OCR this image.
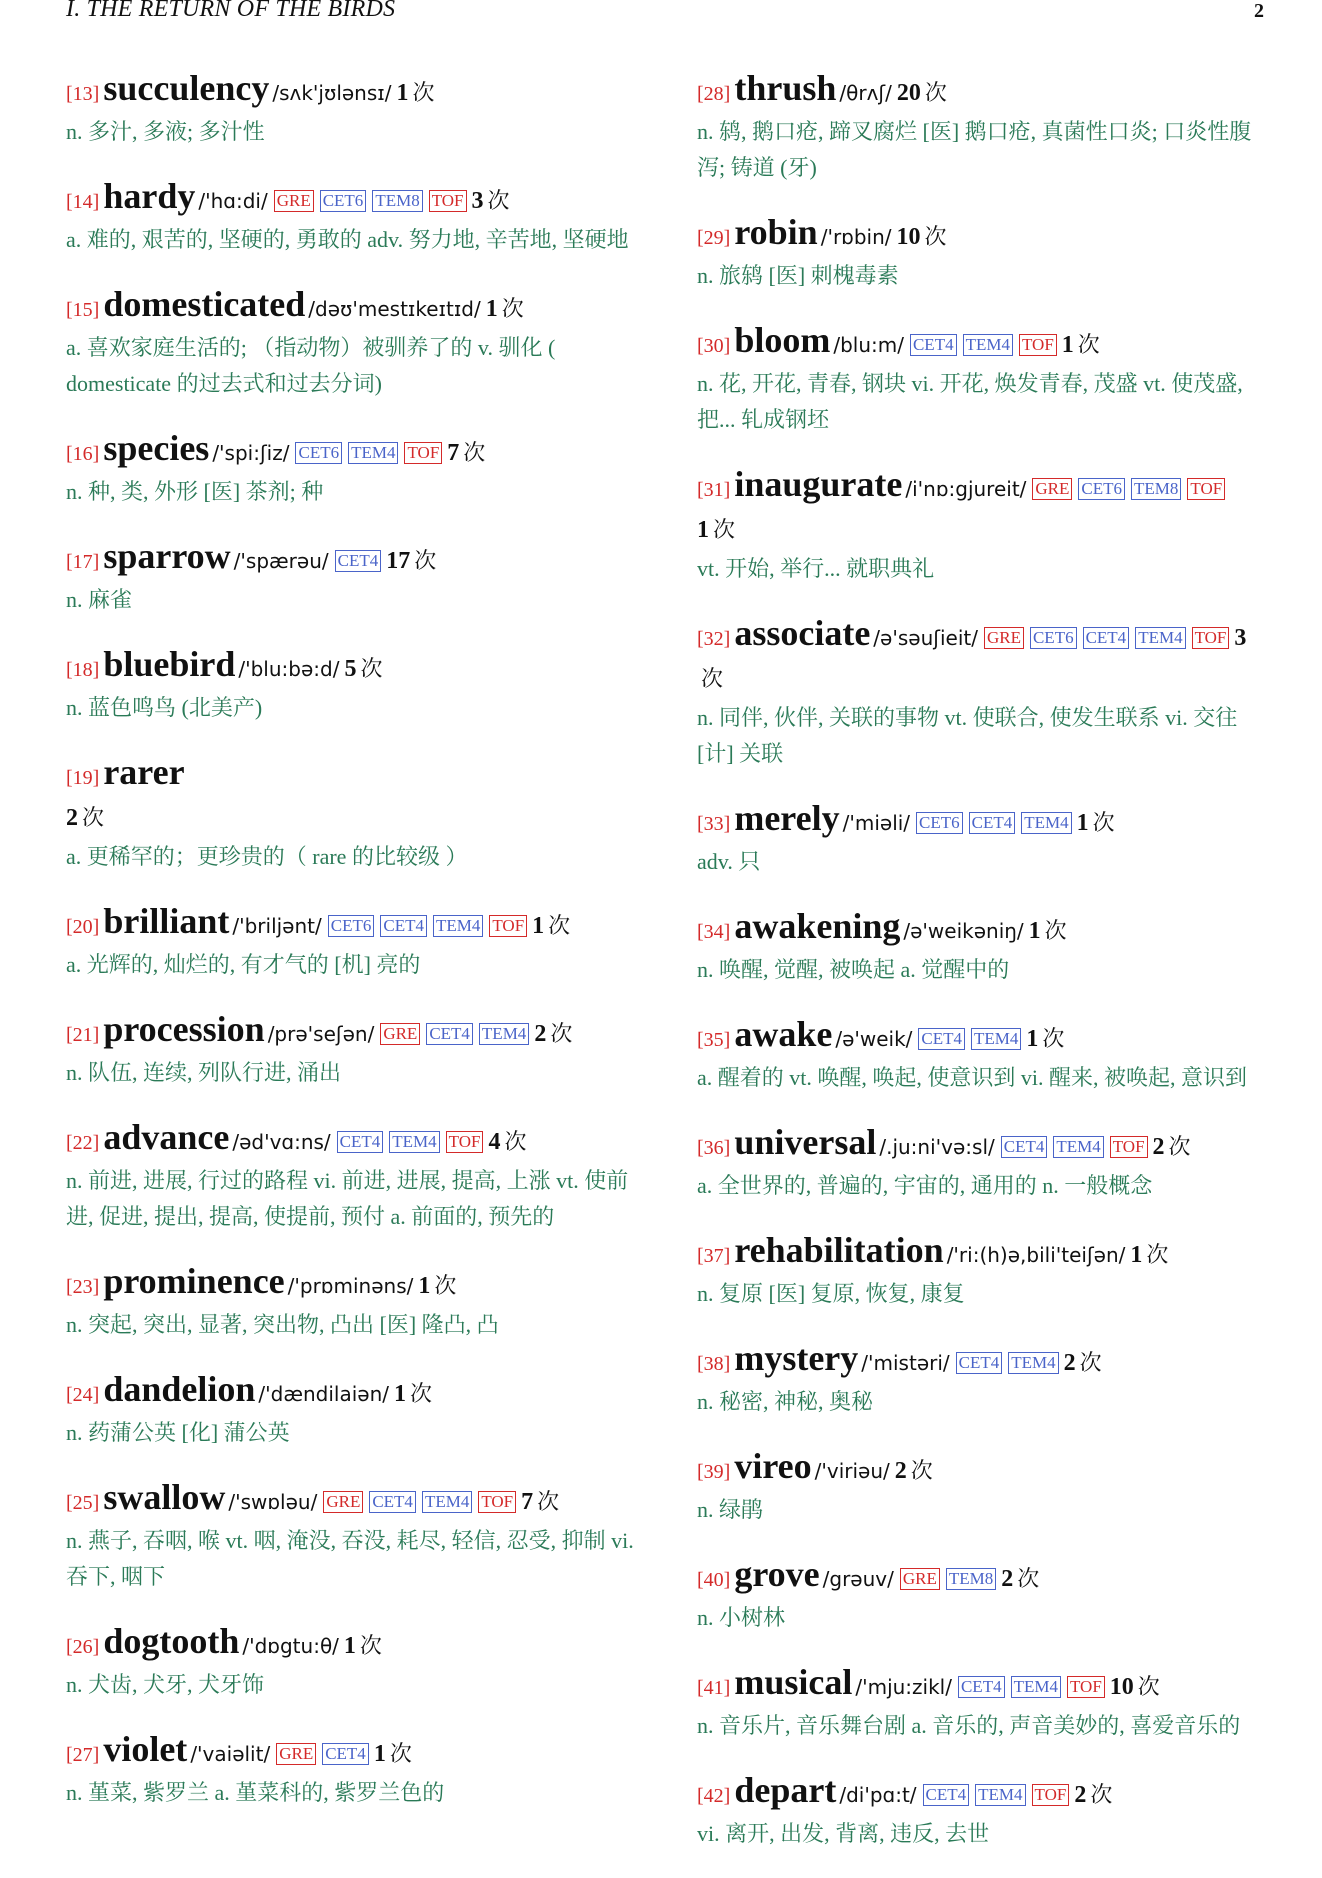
I. THE RETURN OF THE BIRDS	2
[13] succulency /sʌk'jʊlənsɪ/ 1 次
n. 多汁, 多液; 多汁性
[14] hardy /'hɑ:di/ GRE CET6 TEM8 TOF 3 次
a. 难的, 艰苦的, 坚硬的, 勇敢的 adv. 努力地, 辛苦地, 坚硬地
[15] domesticated /dəʊ'mestɪkeɪtɪd/ 1 次
a. 喜欢家庭生活的; （指动物）被驯养了的 v. 驯化 ( domesticate 的过去式和过去分词)
[16] species /'spi:ʃiz/ CET6 TEM4 TOF 7 次
n. 种, 类, 外形 [医] 茶剂; 种
[17] sparrow /'spærəu/ CET4 17 次
n. 麻雀
[18] bluebird /'blu:bə:d/ 5 次
n. 蓝色鸣鸟 (北美产)
[19] rarer
2 次
a. 更稀罕的；更珍贵的（ rare 的比较级 ）
[20] brilliant /'briljənt/ CET6 CET4 TEM4 TOF 1 次
a. 光辉的, 灿烂的, 有才气的 [机] 亮的
[21] procession /prə'seʃən/ GRE CET4 TEM4 2 次
n. 队伍, 连续, 列队行进, 涌出
[22] advance /əd'vɑ:ns/ CET4 TEM4 TOF 4 次
n. 前进, 进展, 行过的路程 vi. 前进, 进展, 提高, 上涨 vt. 使前进, 促进, 提出, 提高, 使提前, 预付 a. 前面的, 预先的
[23] prominence /'prɒminəns/ 1 次
n. 突起, 突出, 显著, 突出物, 凸出 [医] 隆凸, 凸
[24] dandelion /'dændilaiən/ 1 次
n. 药蒲公英 [化] 蒲公英
[25] swallow /'swɒləu/ GRE CET4 TEM4 TOF 7 次
n. 燕子, 吞咽, 喉 vt. 咽, 淹没, 吞没, 耗尽, 轻信, 忍受, 抑制 vi. 吞下, 咽下
[26] dogtooth /'dɒgtu:θ/ 1 次
n. 犬齿, 犬牙, 犬牙饰
[27] violet /'vaiəlit/ GRE CET4 1 次
n. 堇菜, 紫罗兰 a. 堇菜科的, 紫罗兰色的
[28] thrush /θrʌʃ/ 20 次
n. 鸫, 鹅口疮, 蹄叉腐烂 [医] 鹅口疮, 真菌性口炎; 口炎性腹泻; 铸道 (牙)
[29] robin /'rɒbin/ 10 次
n. 旅鸫 [医] 刺槐毒素
[30] bloom /blu:m/ CET4 TEM4 TOF 1 次
n. 花, 开花, 青春, 钢块 vi. 开花, 焕发青春, 茂盛 vt. 使茂盛, 把... 轧成钢坯
[31] inaugurate /i'nɒ:gjureit/ GRE CET6 TEM8 TOF
1 次
vt. 开始, 举行... 就职典礼
[32] associate /ə'səuʃieit/ GRE CET6 CET4 TEM4 TOF 3次
n. 同伴, 伙伴, 关联的事物 vt. 使联合, 使发生联系 vi. 交往 [计] 关联
[33] merely /'miəli/ CET6 CET4 TEM4 1 次
adv. 只
[34] awakening /ə'weikəniŋ/ 1 次
n. 唤醒, 觉醒, 被唤起 a. 觉醒中的
[35] awake /ə'weik/ CET4 TEM4 1 次
a. 醒着的 vt. 唤醒, 唤起, 使意识到 vi. 醒来, 被唤起, 意识到
[36] universal /.ju:ni'və:sl/ CET4 TEM4 TOF 2 次
a. 全世界的, 普遍的, 宇宙的, 通用的 n. 一般概念
[37] rehabilitation /'ri:(h)ə,bili'teiʃən/ 1 次
n. 复原 [医] 复原, 恢复, 康复
[38] mystery /'mistəri/ CET4 TEM4 2 次
n. 秘密, 神秘, 奥秘
[39] vireo /'viriəu/ 2 次
n. 绿鹃
[40] grove /grəuv/ GRE TEM8 2 次
n. 小树林
[41] musical /'mju:zikl/ CET4 TEM4 TOF 10 次
n. 音乐片, 音乐舞台剧 a. 音乐的, 声音美妙的, 喜爱音乐的
[42] depart /di'pɑ:t/ CET4 TEM4 TOF 2 次
vi. 离开, 出发, 背离, 违反, 去世
